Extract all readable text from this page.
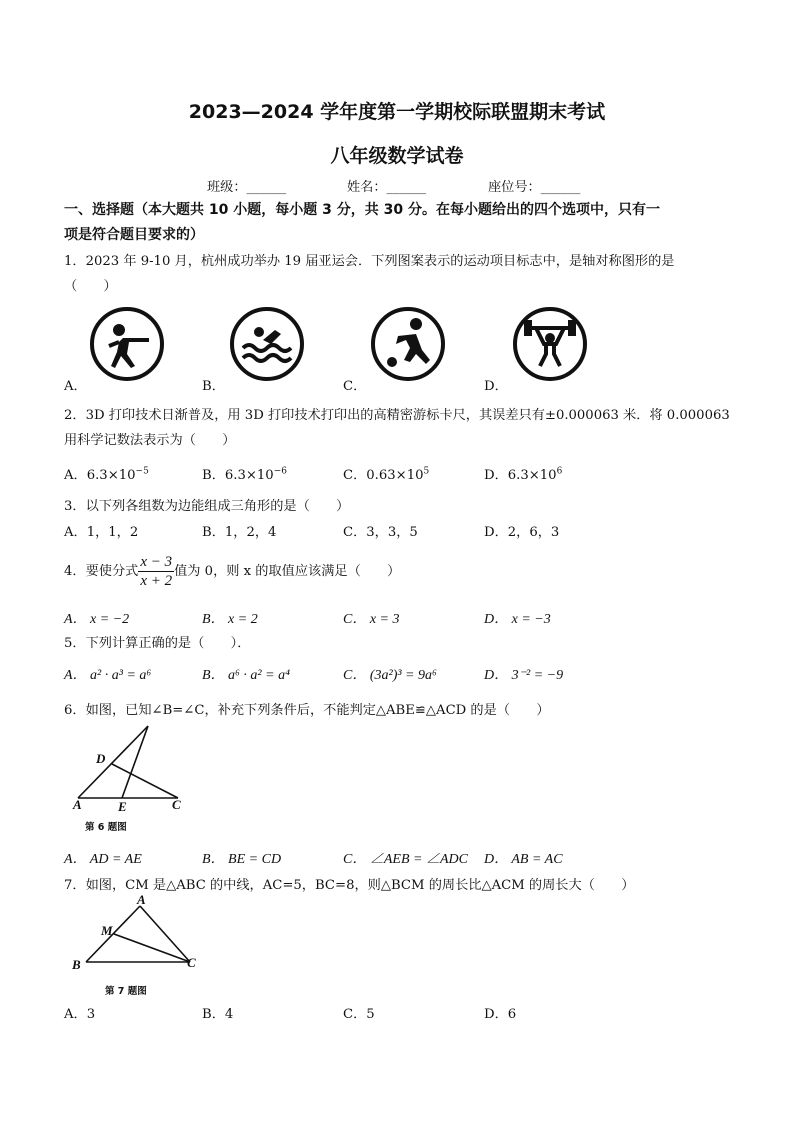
2023—2024 学年度第一学期校际联盟期末考试
八年级数学试卷
班级：______	姓名：______	座位号：______
一、选择题（本大题共 10 小题，每小题 3 分，共 30 分。在每小题给出的四个选项中，只有一
项是符合题目要求的）
1．2023 年 9-10 月，杭州成功举办 19 届亚运会．下列图案表示的运动项目标志中，是轴对称图形的是
（　　）
A．	B．	C．	D．
2．3D 打印技术日渐普及，用 3D 打印技术打印出的高精密游标卡尺，其误差只有±0.000063 米．将 0.000063
用科学记数法表示为（　　）
A．$6.3\times 10^{-5}$	B．$6.3\times 10^{-6}$	C．$0.63\times 10^5$	D．$6.3\times 10^6$
3．以下列各组数为边能组成三角形的是（　　）
A．1，1，2	B．1，2，4	C．3，3，5	D．2，6，3
4．要使分式 $\frac{x - 3}{x + 2}$ 值为 0，则 x 的取值应该满足（　　）
A． x = −2	B． x = 2	C． x = 3	D． x = −3
5．下列计算正确的是（　　）．
A． a² · a³ = a⁶	B． a⁶ · a² = a⁴	C． (3a²)³ = 9a⁶	D． 3⁻² = −9
6．如图，已知∠B=∠C，补充下列条件后，不能判定△ABE≌△ACD 的是（　　）
D
A	E	C
第 6 题图
A． AD = AE	B． BE = CD	C． ∠AEB = ∠ADC D． AB = AC
7．如图，CM 是△ABC 的中线，AC=5，BC=8，则△BCM 的周长比△ACM 的周长大（　　）
A
M
B	C
第 7 题图
A．3	B．4	C．5	D．6
